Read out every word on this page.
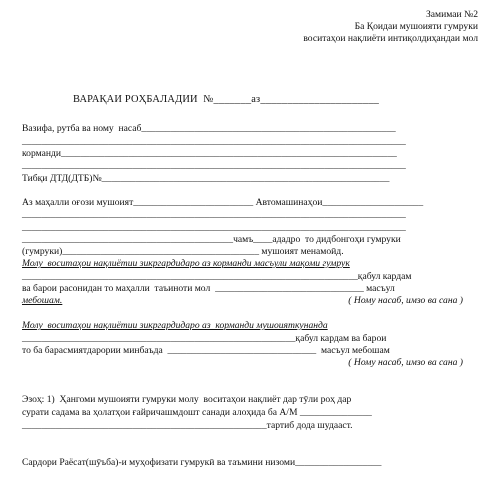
Замимаи №2
Ба Қоидаи мушоияти гумруки
воситаҳои нақлиёти интиқолдиҳандаи мол
ВАРАҚАИ РОҲБАЛАДИИ  №_______аз______________________
Вазифа, рутба ва ному  насаб_____________________________________________________
________________________________________________________________________________
корманди______________________________________________________________________
________________________________________________________________________________
Тибқи ДТД(ДТБ)№____________________________________________________________
Аз маҳалли оғози мушоият_________________________ Автомашинаҳои_____________________
________________________________________________________________________________
________________________________________________________________________________
____________________________________________чамъ____ададро  то дидбонгоҳи гумруки
(гумруки)_________________________________________ мушоият менамоӣд.
Молу  воситаҳои нақлиётии зикргардидаро аз корманди масъули мақоми гумрук
______________________________________________________________________қабул кардам
ва барои расонидан то маҳалли  таъиноти мол  _______________________________ масъул
мебошам.	( Ному насаб, имзо ва сана )
Молу  воситаҳои нақлиётии зикргардидаро аз  корманди мушоияткунанда
_________________________________________________________қабул кардам ва барои
то ба барасмиятдарории минбаъда  _______________________________  масъул мебошам
( Ному насаб, имзо ва сана )
Эзоҳ: 1)  Ҳангоми мушоияти гумруки молу  воситаҳои нақлиёт дар тӯли роҳ дар
сурати садама ва ҳолатҳои ғайричашмдошт санади алоҳида ба А/М _______________
___________________________________________________тартиб дода шудааст.
Сардори Раёсат(шӯъба)-и муҳофизати гумрукӣ ва таъмини низоми__________________
